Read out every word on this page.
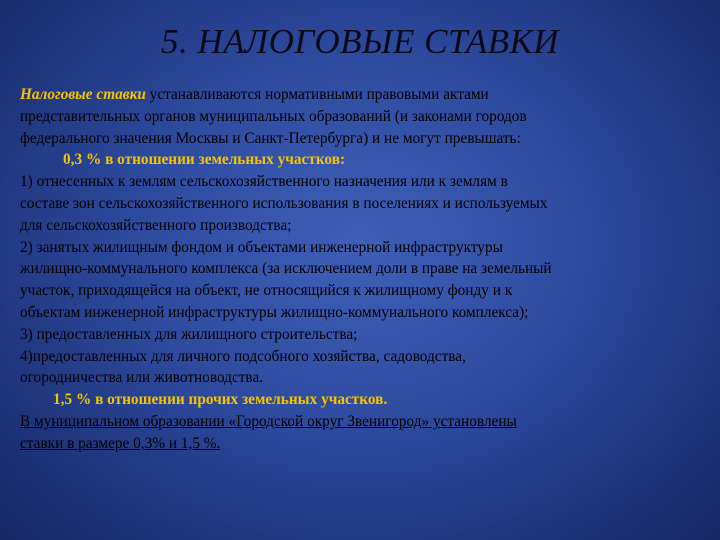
5. НАЛОГОВЫЕ СТАВКИ
Налоговые ставки устанавливаются нормативными правовыми актами
представительных органов муниципальных образований (и законами городов
федерального значения Москвы и Санкт-Петербурга) и не могут превышать:
0,3 % в отношении земельных участков:
1) отнесенных к землям сельскохозяйственного назначения или к землям в
составе зон сельскохозяйственного использования в поселениях и используемых
для сельскохозяйственного производства;
2) занятых жилищным фондом и объектами инженерной инфраструктуры
жилищно-коммунального комплекса (за исключением доли в праве на земельный
участок, приходящейся на объект, не относящийся к жилищному фонду и к
объектам инженерной инфраструктуры жилищно-коммунального комплекса);
3) предоставленных для жилищного строительства;
4)предоставленных для личного подсобного хозяйства, садоводства,
огородничества или животноводства.
1,5 % в отношении прочих земельных участков.
В муниципальном образовании «Городской округ Звенигород» установлены
ставки в размере 0,3% и 1,5 %.
